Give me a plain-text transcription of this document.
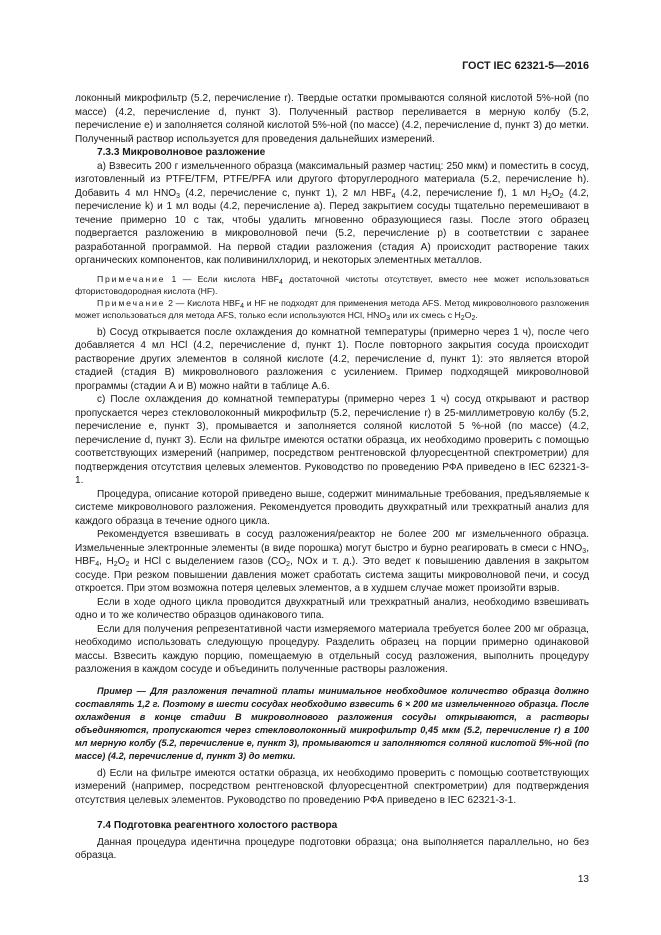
ГОСТ IEC 62321-5—2016

локонный микрофильтр (5.2, перечисление r). Твердые остатки промываются соляной кислотой 5%-ной (по массе) (4.2, перечисление d, пункт 3). Полученный раствор переливается в мерную колбу (5.2, перечисление e) и заполняется соляной кислотой 5%-ной (по массе) (4.2, перечисление d, пункт 3) до метки. Полученный раствор используется для проведения дальнейших измерений.

7.3.3 Микроволновое разложение

а) Взвесить 200 г измельченного образца (максимальный размер частиц: 250 мкм) и поместить в сосуд, изготовленный из PTFE/TFM, PTFE/PFA или другого фторуглеродного материала (5.2, перечисление h). Добавить 4 мл $HNO_3$ (4.2, перечисление c, пункт 1), 2 мл $HBF_4$ (4.2, перечисление f), 1 мл $H_2O_2$ (4.2, перечисление k) и 1 мл воды (4.2, перечисление a). Перед закрытием сосуды тщательно перемешивают в течение примерно 10 с так, чтобы удалить мгновенно образующиеся газы. После этого образец подвергается разложению в микроволновой печи (5.2, перечисление p) в соответствии с заранее разработанной программой. На первой стадии разложения (стадия A) происходит растворение таких органических компонентов, как поливинилхлорид, и некоторых элементных металлов.

Примечание 1 — Если кислота $HBF_4$ достаточной чистоты отсутствует, вместо нее может использоваться фтористоводородная кислота (HF).

Примечание 2 — Кислота $HBF_4$ и HF не подходят для применения метода AFS. Метод микроволнового разложения может использоваться для метода AFS, только если используются HCl, $HNO_3$ или их смесь с $H_2O_2$.

b) Сосуд открывается после охлаждения до комнатной температуры (примерно через 1 ч), после чего добавляется 4 мл HCl (4.2, перечисление d, пункт 1). После повторного закрытия сосуда происходит растворение других элементов в соляной кислоте (4.2, перечисление d, пункт 1): это является второй стадией (стадия B) микроволнового разложения с усилением. Пример подходящей микроволновой программы (стадии A и B) можно найти в таблице A.6.

c) После охлаждения до комнатной температуры (примерно через 1 ч) сосуд открывают и раствор пропускается через стекловолоконный микрофильтр (5.2, перечисление r) в 25-миллиметровую колбу (5.2, перечисление e, пункт 3), промывается и заполняется соляной кислотой 5 %-ной (по массе) (4.2, перечисление d, пункт 3). Если на фильтре имеются остатки образца, их необходимо проверить с помощью соответствующих измерений (например, посредством рентгеновской флуоресцентной спектрометрии) для подтверждения отсутствия целевых элементов. Руководство по проведению РФА приведено в IEC 62321-3-1.

Процедура, описание которой приведено выше, содержит минимальные требования, предъявляемые к системе микроволнового разложения. Рекомендуется проводить двухкратный или трехкратный анализ для каждого образца в течение одного цикла.

Рекомендуется взвешивать в сосуд разложения/реактор не более 200 мг измельченного образца. Измельченные электронные элементы (в виде порошка) могут быстро и бурно реагировать в смеси с $HNO_3$, $HBF_4$, $H_2O_2$ и HCl с выделением газов ($CO_2$, NOx и т. д.). Это ведет к повышению давления в закрытом сосуде. При резком повышении давления может сработать система защиты микроволновой печи, и сосуд откроется. При этом возможна потеря целевых элементов, а в худшем случае может произойти взрыв.

Если в ходе одного цикла проводится двухкратный или трехкратный анализ, необходимо взвешивать одно и то же количество образцов одинакового типа.

Если для получения репрезентативной части измеряемого материала требуется более 200 мг образца, необходимо использовать следующую процедуру. Разделить образец на порции примерно одинаковой массы. Взвесить каждую порцию, помещаемую в отдельный сосуд разложения, выполнить процедуру разложения в каждом сосуде и объединить полученные растворы разложения.

Пример — Для разложения печатной платы минимальное необходимое количество образца должно составлять 1,2 г. Поэтому в шести сосудах необходимо взвесить 6 × 200 мг измельченного образца. После охлаждения в конце стадии B микроволнового разложения сосуды открываются, а растворы объединяются, пропускаются через стекловолоконный микрофильтр 0,45 мкм (5.2, перечисление r) в 100 мл мерную колбу (5.2, перечисление e, пункт 3), промываются и заполняются соляной кислотой 5%-ной (по массе) (4.2, перечисление d, пункт 3) до метки.

d) Если на фильтре имеются остатки образца, их необходимо проверить с помощью соответствующих измерений (например, посредством рентгеновской флуоресцентной спектрометрии) для подтверждения отсутствия целевых элементов. Руководство по проведению РФА приведено в IEC 62321-3-1.

7.4 Подготовка реагентного холостого раствора

Данная процедура идентична процедуре подготовки образца; она выполняется параллельно, но без образца.

13
